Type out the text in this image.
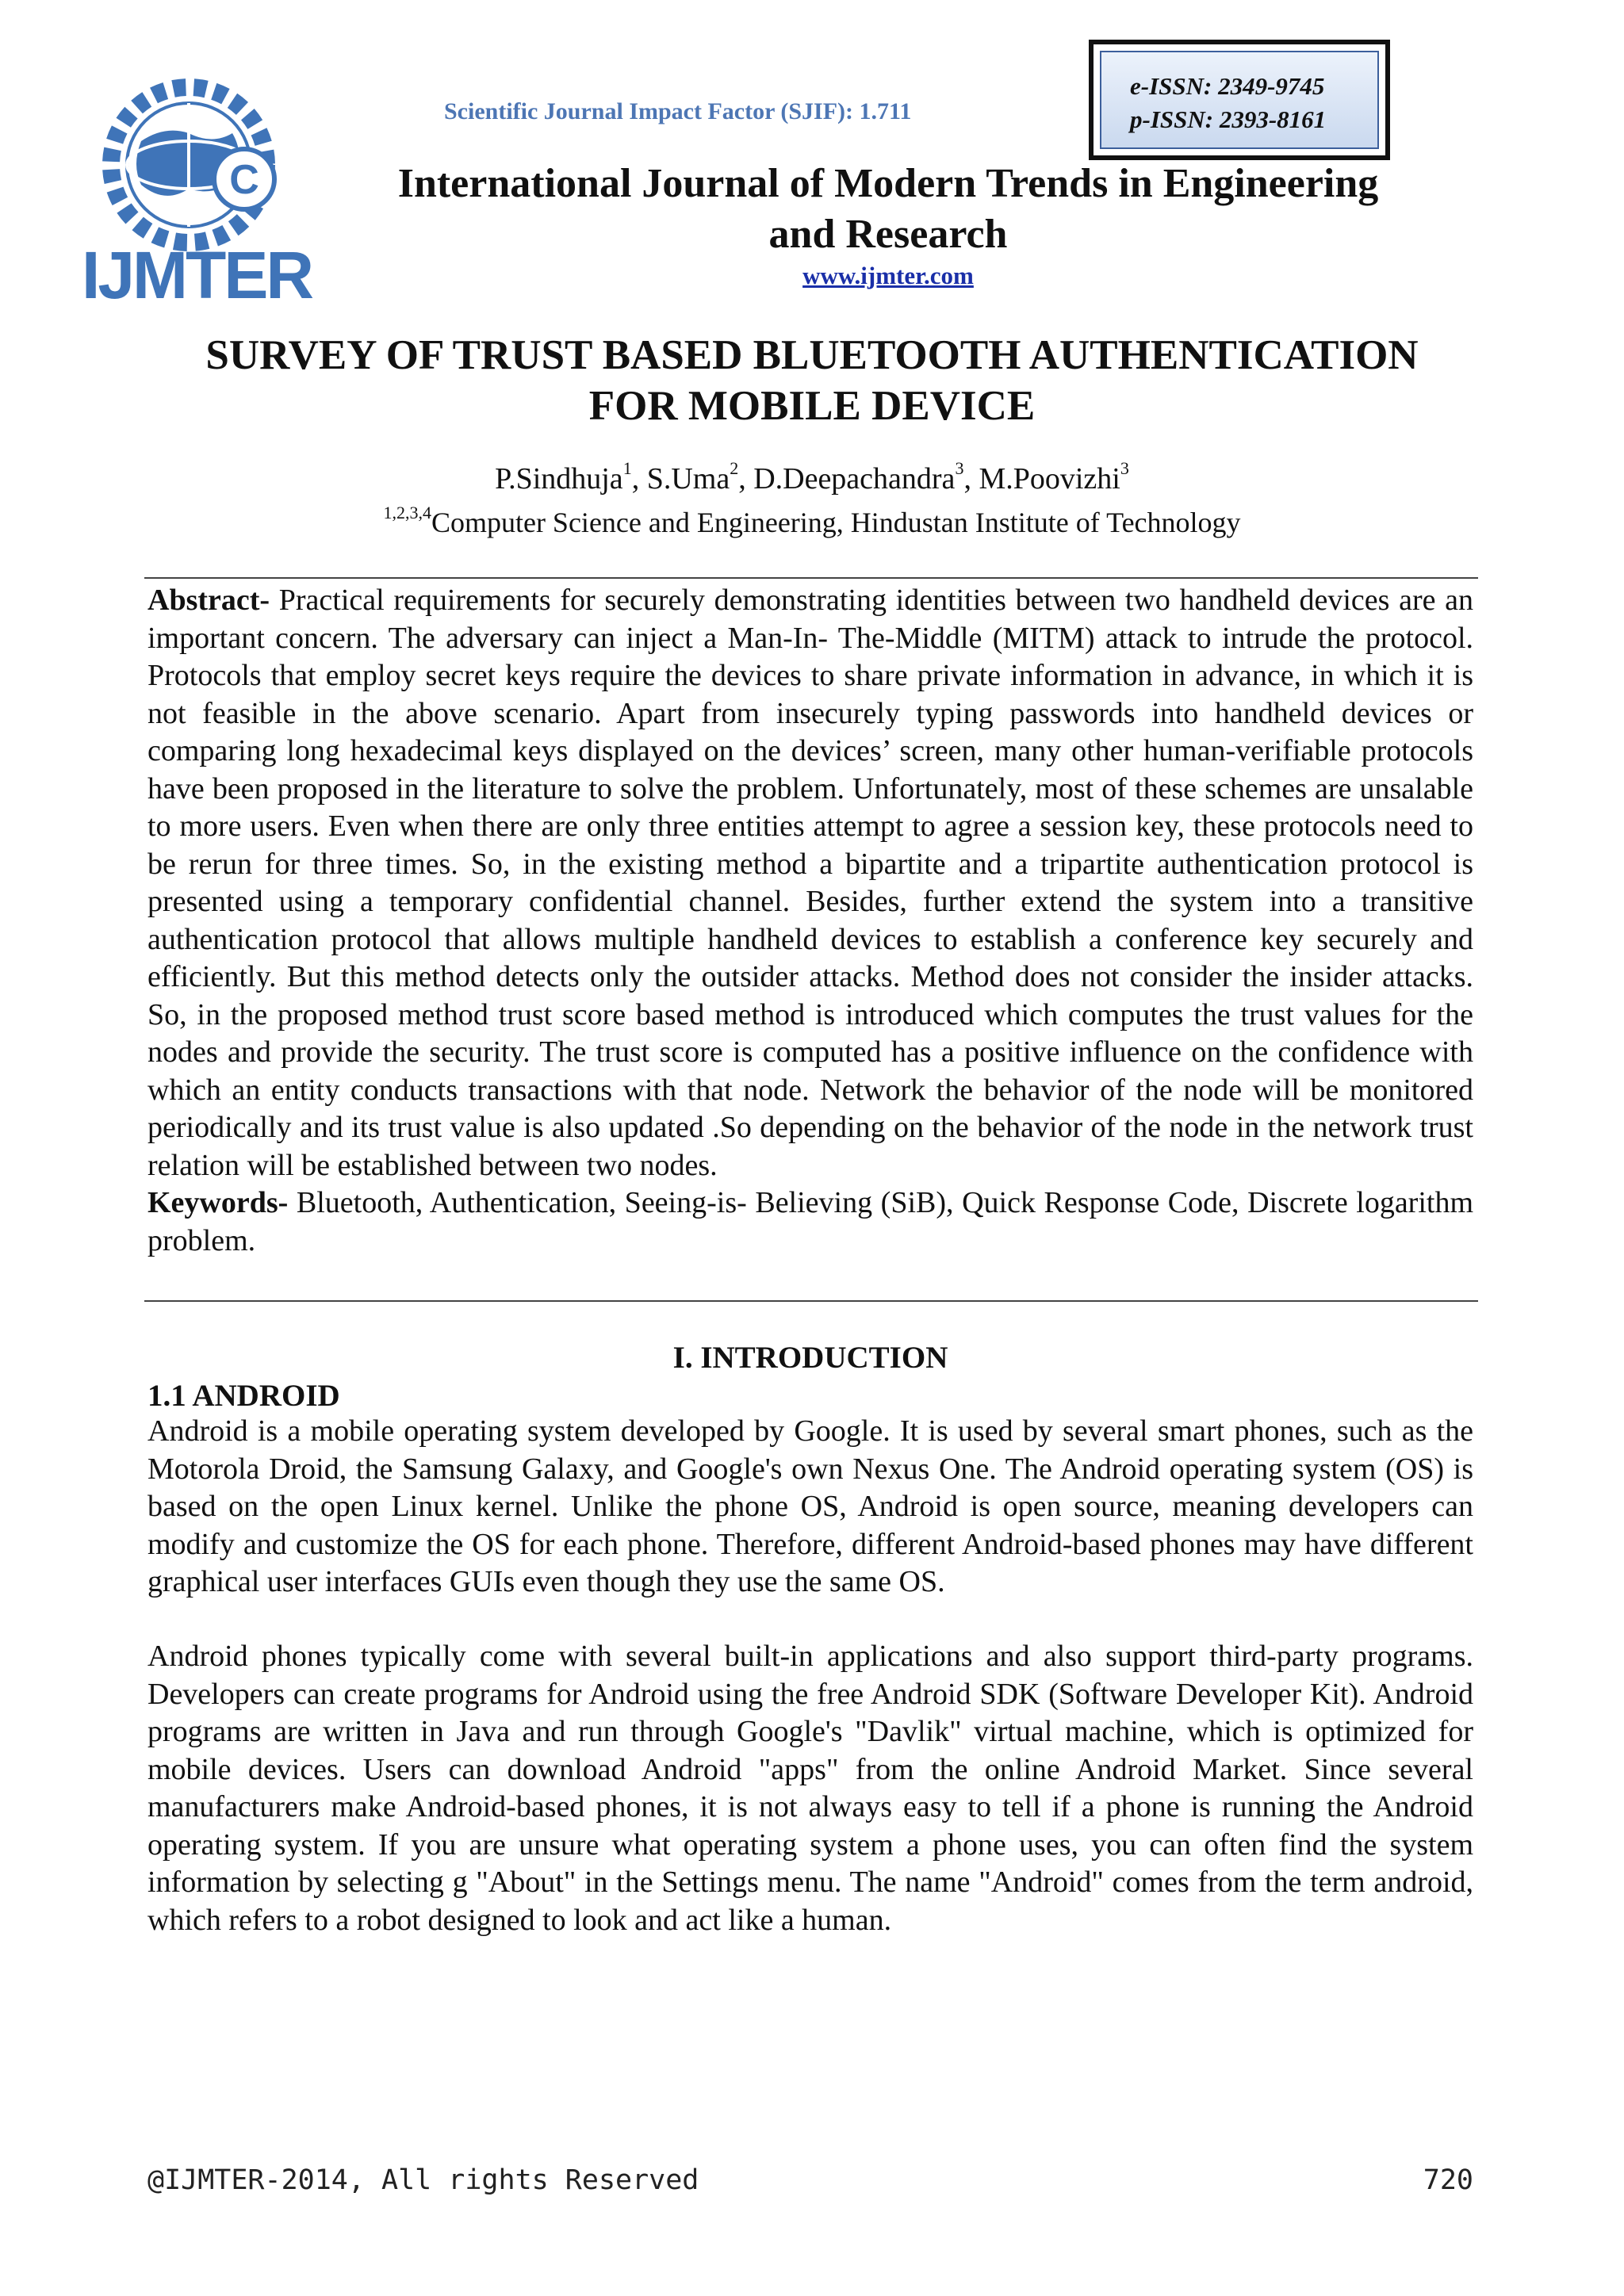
C
IJMTER
Scientific Journal Impact Factor (SJIF): 1.711
e-ISSN: 2349-9745
p-ISSN: 2393-8161
International Journal of Modern Trends in Engineering
and Research
www.ijmter.com
SURVEY OF TRUST BASED BLUETOOTH AUTHENTICATION
FOR MOBILE DEVICE
P.Sindhuja$^1$, S.Uma$^2$, D.Deepachandra$^3$, M.Poovizhi$^3$
$^{1,2,3,4}$Computer Science and Engineering, Hindustan Institute of Technology
Abstract- Practical requirements for securely demonstrating identities between two handheld devices are an important concern. The adversary can inject a Man-In- The-Middle (MITM) attack to intrude the protocol. Protocols that employ secret keys require the devices to share private information in advance, in which it is not feasible in the above scenario. Apart from insecurely typing passwords into handheld devices or comparing long hexadecimal keys displayed on the devices’ screen, many other human-verifiable protocols have been proposed in the literature to solve the problem. Unfortunately, most of these schemes are unsalable to more users. Even when there are only three entities attempt to agree a session key, these protocols need to be rerun for three times. So, in the existing method a bipartite and a tripartite authentication protocol is presented using a temporary confidential channel. Besides, further extend the system into a transitive authentication protocol that allows multiple handheld devices to establish a conference key securely and efficiently. But this method detects only the outsider attacks. Method does not consider the insider attacks. So, in the proposed method trust score based method is introduced which computes the trust values for the nodes and provide the security. The trust score is computed has a positive influence on the confidence with which an entity conducts transactions with that node. Network the behavior of the node will be monitored periodically and its trust value is also updated .So depending on the behavior of the node in the network trust relation will be established between two nodes.
Keywords- Bluetooth, Authentication, Seeing-is- Believing (SiB), Quick Response Code, Discrete logarithm problem.
I. INTRODUCTION
1.1 ANDROID
Android is a mobile operating system developed by Google. It is used by several smart phones, such as the Motorola Droid, the Samsung Galaxy, and Google's own Nexus One. The Android operating system (OS) is based on the open Linux kernel. Unlike the phone OS, Android is open source, meaning developers can modify and customize the OS for each phone. Therefore, different Android-based phones may have different graphical user interfaces GUIs even though they use the same OS.
Android phones typically come with several built-in applications and also support third-party programs. Developers can create programs for Android using the free Android SDK (Software Developer Kit). Android programs are written in Java and run through Google's "Davlik" virtual machine, which is optimized for mobile devices. Users can download Android "apps" from the online Android Market. Since several manufacturers make Android-based phones, it is not always easy to tell if a phone is running the Android operating system. If you are unsure what operating system a phone uses, you can often find the system information by selecting g "About" in the Settings menu. The name "Android" comes from the term android, which refers to a robot designed to look and act like a human.
@IJMTER-2014, All rights Reserved	720
